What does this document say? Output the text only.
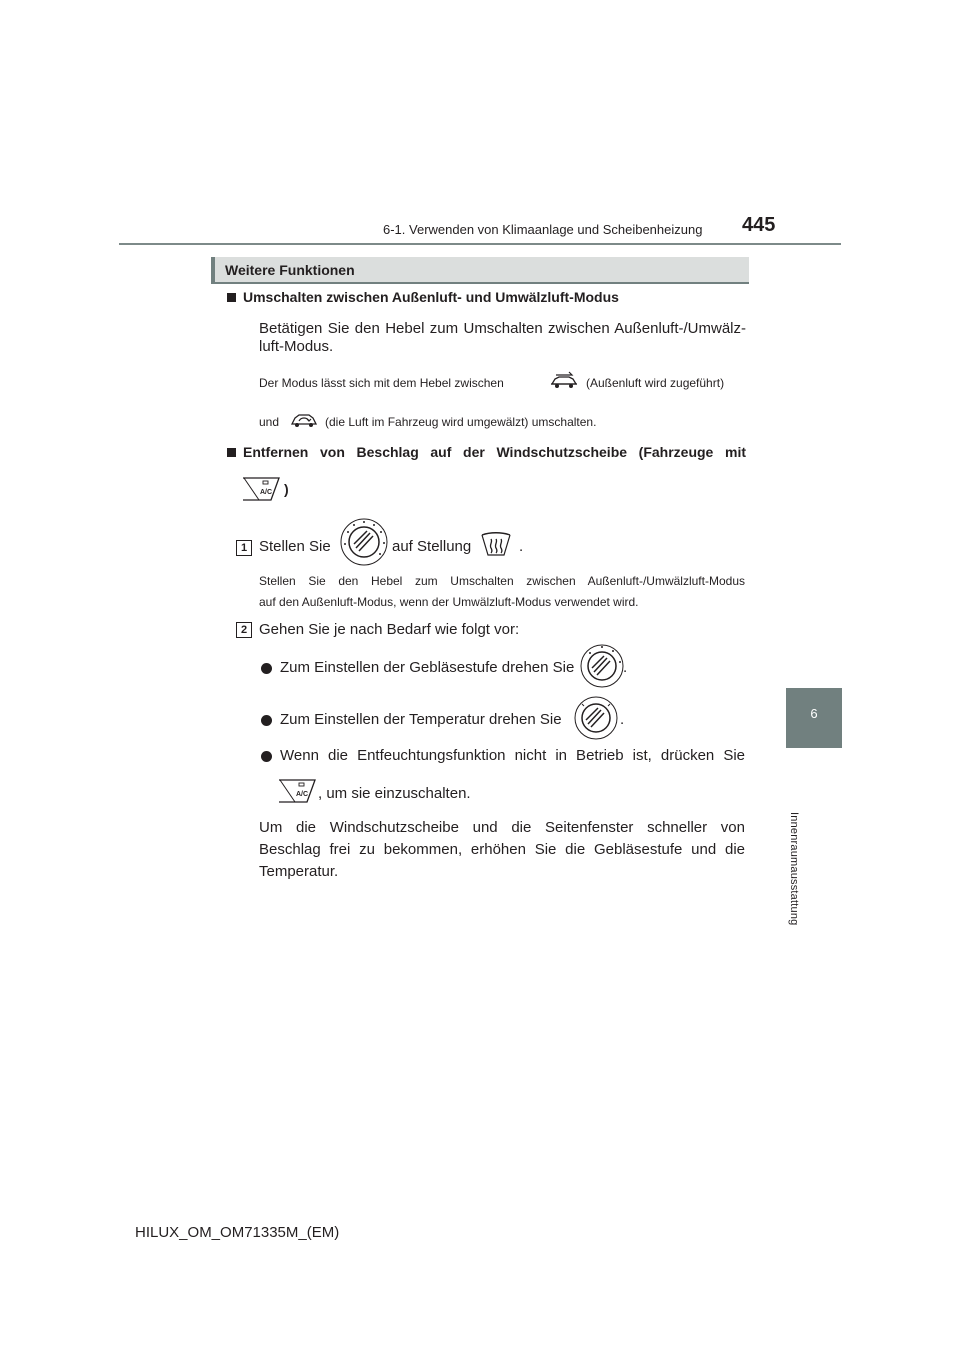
6-1. Verwenden von Klimaanlage und Scheibenheizung 445
6
Innenraumausstattung
Weitere Funktionen
Umschalten zwischen Außenluft- und Umwälzluft-Modus
Betätigen Sie den Hebel zum Umschalten zwischen Außenluft-/Umwälz-
luft-Modus.
Der Modus lässt sich mit dem Hebel zwischen	(Außenluft wird zugeführt)
und	(die Luft im Fahrzeug wird umgewälzt) umschalten.
Entfernen von Beschlag auf der Windschutzscheibe (Fahrzeuge mit
A/C )
1 Stellen Sie	auf Stellung	.
Stellen Sie den Hebel zum Umschalten zwischen Außenluft-/Umwälzluft-Modus
auf den Außenluft-Modus, wenn der Umwälzluft-Modus verwendet wird.
2 Gehen Sie je nach Bedarf wie folgt vor:
Zum Einstellen der Gebläsestufe drehen Sie	.
Zum Einstellen der Temperatur drehen Sie	.
Wenn die Entfeuchtungsfunktion nicht in Betrieb ist, drücken Sie
A/C , um sie einzuschalten.
Um die Windschutzscheibe und die Seitenfenster schneller von
Beschlag frei zu bekommen, erhöhen Sie die Gebläsestufe und die
Temperatur.
HILUX_OM_OM71335M_(EM)
